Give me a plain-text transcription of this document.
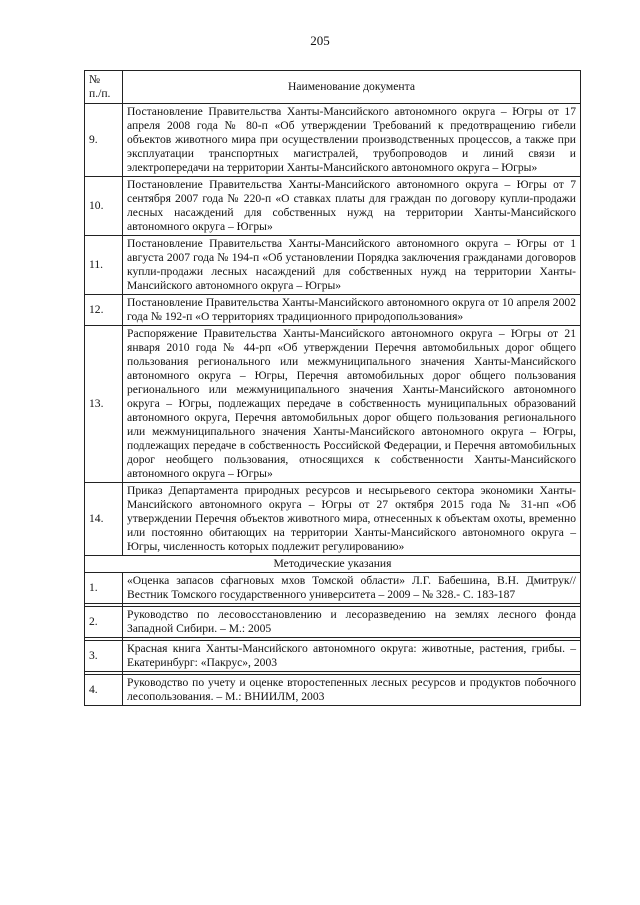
205
№
п./п.	Наименование документа
9.	Постановление Правительства Ханты-Мансийского автономного округа – Югры от 17 апреля 2008 года № 80-п «Об утверждении Требований к предотвращению гибели объектов животного мира при осуществлении производственных процессов, а также при эксплуатации транспортных магистралей, трубопроводов и линий связи и электропередачи на территории Ханты-Мансийского автономного округа – Югры»
10.	Постановление Правительства Ханты-Мансийского автономного округа – Югры от 7 сентября 2007 года № 220-п «О ставках платы для граждан по договору купли-продажи лесных насаждений для собственных нужд на территории Ханты-Мансийского автономного округа – Югры»
11.	Постановление Правительства Ханты-Мансийского автономного округа – Югры от 1 августа 2007 года № 194-п «Об установлении Порядка заключения гражданами договоров купли-продажи лесных насаждений для собственных нужд на территории Ханты-Мансийского автономного округа – Югры»
12.	Постановление Правительства Ханты-Мансийского автономного округа от 10 апреля 2002 года № 192-п «О территориях традиционного природопользования»
13.	Распоряжение Правительства Ханты-Мансийского автономного округа – Югры от 21 января 2010 года № 44-рп «Об утверждении Перечня автомобильных дорог общего пользования регионального или межмуниципального значения Ханты-Мансийского автономного округа – Югры, Перечня автомобильных дорог общего пользования регионального или межмуниципального значения Ханты-Мансийского автономного округа – Югры, подлежащих передаче в собственность муниципальных образований автономного округа, Перечня автомобильных дорог общего пользования регионального или межмуниципального значения Ханты-Мансийского автономного округа – Югры, подлежащих передаче в собственность Российской Федерации, и Перечня автомобильных дорог необщего пользования, относящихся к собственности Ханты-Мансийского автономного округа – Югры»
14.	Приказ Департамента природных ресурсов и несырьевого сектора экономики Ханты-Мансийского автономного округа – Югры от 27 октября 2015 года № 31-нп «Об утверждении Перечня объектов животного мира, отнесенных к объектам охоты, временно или постоянно обитающих на территории Ханты-Мансийского автономного округа – Югры, численность которых подлежит регулированию»
Методические указания	
1.	«Оценка запасов сфагновых мхов Томской области» Л.Г. Бабешина, В.Н. Дмитрук// Вестник Томского государственного университета – 2009 – № 328.- С. 183-187

2.	Руководство по лесовосстановлению и лесоразведению на землях лесного фонда Западной Сибири. – М.: 2005

3.	Красная книга Ханты-Мансийского автономного округа: животные, растения, грибы. – Екатеринбург: «Пакрус», 2003

4.	Руководство по учету и оценке второстепенных лесных ресурсов и продуктов побочного лесопользования. – М.: ВНИИЛМ, 2003
